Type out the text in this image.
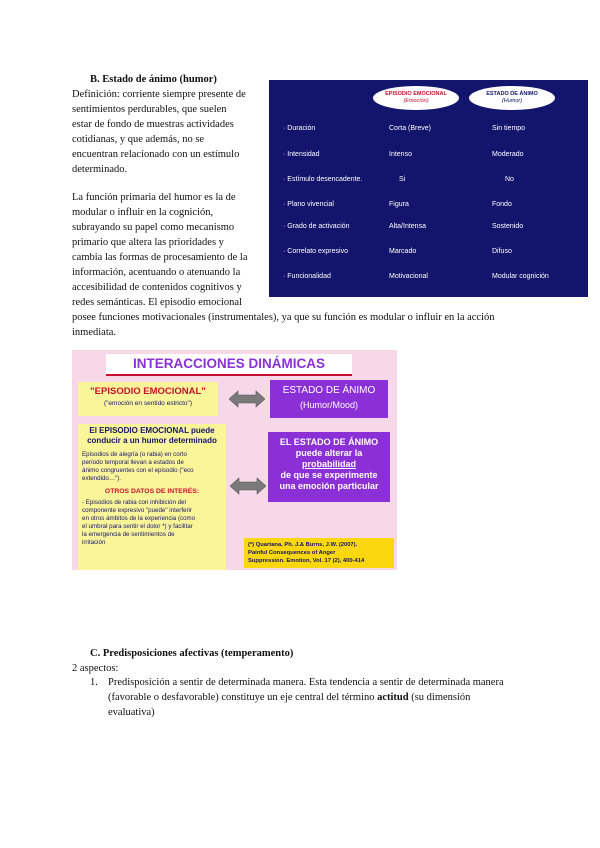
B. Estado de ánimo (humor)
Definición: corriente siempre presente de
sentimientos perdurables, que suelen
estar de fondo de muestras actividades
cotidianas, y que además, no se
encuentran relacionado con un estímulo
determinado.
La función primaria del humor es la de
modular o influir en la cognición,
subrayando su papel como mecanismo
primario que altera las prioridades y
cambia las formas de procesamiento de la
información, acentuando o atenuando la
accesibilidad de contenidos cognitivos y
redes semánticas. El episodio emocional
posee funciones motivacionales (instrumentales), ya que su función es modular o influir en la acción
inmediata.
EPISODIO EMOCIONAL
(Emoción)
ESTADO DE ÁNIMO
(Humor)
· Duración	Corta (Breve)	Sin tiempo
· Intensidad	Intenso	Moderado
· Estímulo desencadente.	Si	No
· Plano vivencial	Figura	Fondo
· Grado de activación	Alta/Intensa	Sostenido
· Correlato expresivo	Marcado	Difuso
· Funcionalidad	Motivacional	Modular cognición
INTERACCIONES DINÁMICAS
"EPISODIO EMOCIONAL"
("emoción en sentido estricto")
ESTADO DE ÁNIMO
(Humor/Mood)
El EPISODIO EMOCIONAL puede
conducir a un humor determinado
Episodios de alegría (o rabia) en corto
período temporal llevan a estados de
ánimo congruentes con el episodio ("eco
extendido…").
OTROS DATOS DE INTERÉS:
- Episodios de rabia con inhibición del
componente expresivo "puede" interferir
en otros ámbitos de la experiencia (como
el umbral para sentir el dolor *) y facilitar
la emergencia de sentimientos de
irritación
EL ESTADO DE ÁNIMO
puede alterar la
probabilidad
de que se experimente
una emoción particular
(*) Quartana, Ph. J.& Burns, J.W. (2007).
Painful Consequences of Anger
Suppression. Emotion, Vol. 17 (2), 400-414
C. Predisposiciones afectivas (temperamento)
2 aspectos:
1. Predisposición a sentir de determinada manera. Esta tendencia a sentir de determinada manera
(favorable o desfavorable) constituye un eje central del término actitud (su dimensión
evaluativa)
